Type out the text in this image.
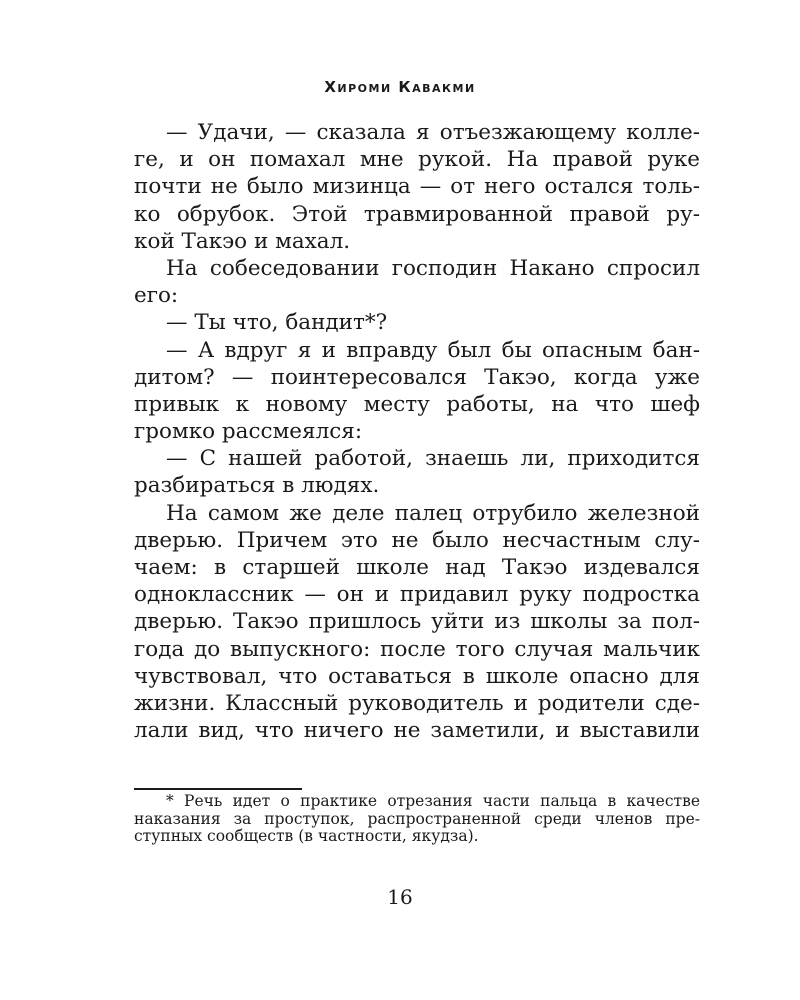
Хироми Кавакми
— Удачи, — сказала я отъезжающему колле-
ге, и он помахал мне рукой. На правой руке
почти не было мизинца — от него остался толь-
ко обрубок. Этой травмированной правой ру-
кой Такэо и махал.
На собеседовании господин Накано спросил
его:
— Ты что, бандит*?
— А вдруг я и вправду был бы опасным бан-
дитом? — поинтересовался Такэо, когда уже
привык к новому месту работы, на что шеф
громко рассмеялся:
— С нашей работой, знаешь ли, приходится
разбираться в людях.
На самом же деле палец отрубило железной
дверью. Причем это не было несчастным слу-
чаем: в старшей школе над Такэо издевался
одноклассник — он и придавил руку подростка
дверью. Такэо пришлось уйти из школы за пол-
года до выпускного: после того случая мальчик
чувствовал, что оставаться в школе опасно для
жизни. Классный руководитель и родители сде-
лали вид, что ничего не заметили, и выставили
* Речь идет о практике отрезания части пальца в качестве
наказания за проступок, распространенной среди членов пре-
ступных сообществ (в частности, якудза).
16
